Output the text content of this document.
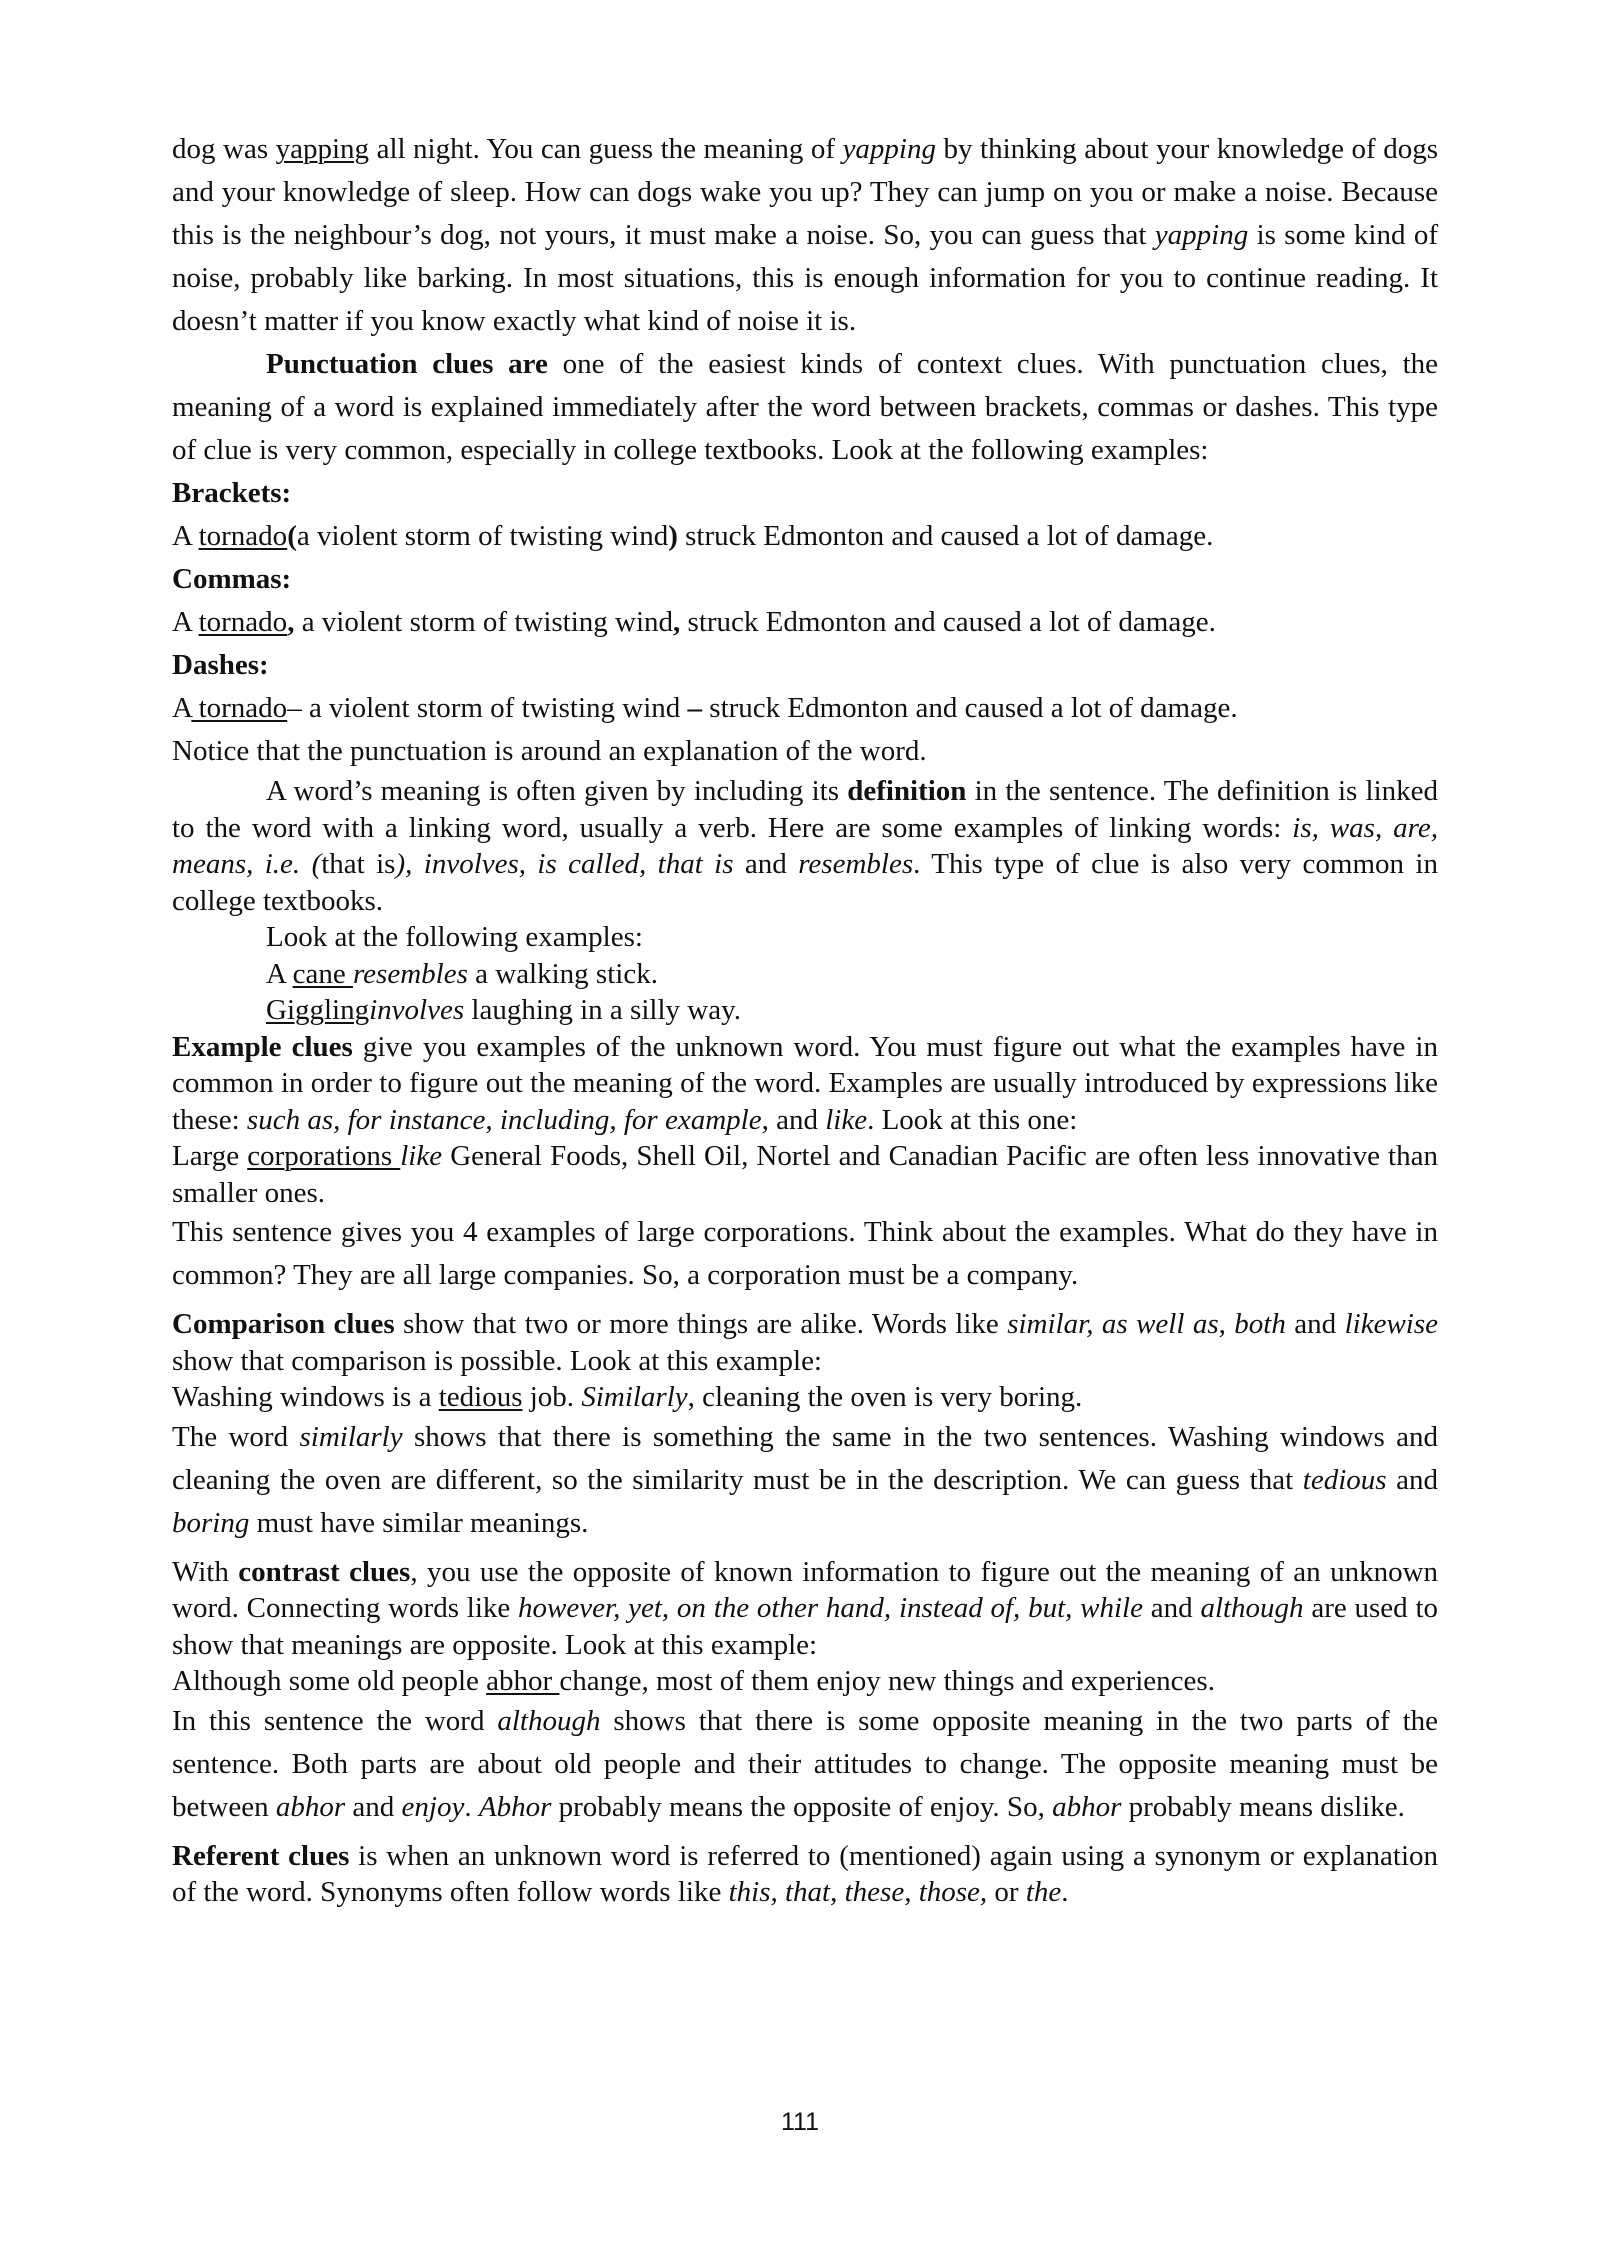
dog was yapping all night. You can guess the meaning of yapping by thinking about your knowledge of dogs and your knowledge of sleep. How can dogs wake you up? They can jump on you or make a noise. Because this is the neighbour’s dog, not yours, it must make a noise. So, you can guess that yapping is some kind of noise, probably like barking. In most situations, this is enough information for you to continue reading. It doesn’t matter if you know exactly what kind of noise it is.

Punctuation clues are one of the easiest kinds of context clues. With punctuation clues, the meaning of a word is explained immediately after the word between brackets, commas or dashes. This type of clue is very common, especially in college textbooks. Look at the following examples:

Brackets:

A tornado(a violent storm of twisting wind) struck Edmonton and caused a lot of damage.

Commas:

A tornado, a violent storm of twisting wind, struck Edmonton and caused a lot of damage.

Dashes:

A tornado– a violent storm of twisting wind – struck Edmonton and caused a lot of damage.

Notice that the punctuation is around an explanation of the word.

A word’s meaning is often given by including its definition in the sentence. The definition is linked to the word with a linking word, usually a verb. Here are some examples of linking words: is, was, are, means, i.e. (that is), involves, is called, that is and resembles. This type of clue is also very common in college textbooks.

Look at the following examples:

A cane resembles a walking stick.

Gigglinginvolves laughing in a silly way.

Example clues give you examples of the unknown word. You must figure out what the examples have in common in order to figure out the meaning of the word. Examples are usually introduced by expressions like these: such as, for instance, including, for example, and like. Look at this one:

Large corporations like General Foods, Shell Oil, Nortel and Canadian Pacific are often less innovative than smaller ones.

This sentence gives you 4 examples of large corporations. Think about the examples. What do they have in common? They are all large companies. So, a corporation must be a company.

Comparison clues show that two or more things are alike. Words like similar, as well as, both and likewise show that comparison is possible. Look at this example:

Washing windows is a tedious job. Similarly, cleaning the oven is very boring.

The word similarly shows that there is something the same in the two sentences. Washing windows and cleaning the oven are different, so the similarity must be in the description. We can guess that tedious and boring must have similar meanings.

With contrast clues, you use the opposite of known information to figure out the meaning of an unknown word. Connecting words like however, yet, on the other hand, instead of, but, while and although are used to show that meanings are opposite. Look at this example:

Although some old people abhor change, most of them enjoy new things and experiences.

In this sentence the word although shows that there is some opposite meaning in the two parts of the sentence. Both parts are about old people and their attitudes to change. The opposite meaning must be between abhor and enjoy. Abhor probably means the opposite of enjoy. So, abhor probably means dislike.

Referent clues is when an unknown word is referred to (mentioned) again using a synonym or explanation of the word. Synonyms often follow words like this, that, these, those, or the.

111
